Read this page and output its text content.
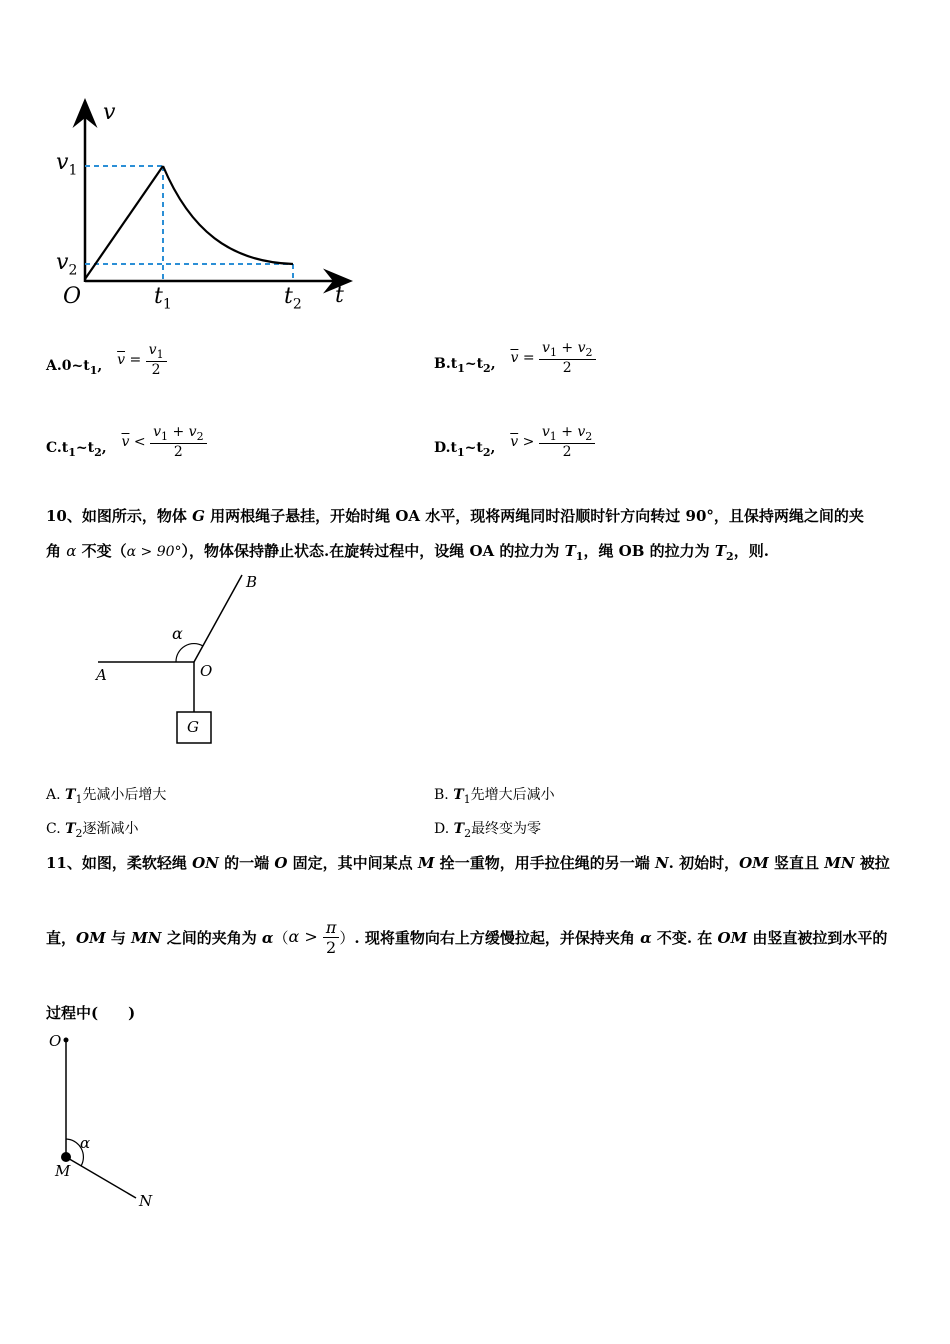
v
t
O
$v_1$
$v_2$
$t_1$	$t_2$
$A.0\sim t_1$, $\overline{v} = \frac{v_1}{2}$	$B.t_1\sim t_2$, $\overline{v} = \frac{v_1 + v_2}{2}$
$C.t_1\sim t_2$, $\overline{v} < \frac{v_1 + v_2}{2}$	$D.t_1\sim t_2$, $\overline{v} > \frac{v_1 + v_2}{2}$
10、如图所示，物体 G 用两根绳子悬挂，开始时绳 OA 水平，现将两绳同时沿顺时针方向转过 90°，且保持两绳之间的夹
角 α 不变（α > 90°），物体保持静止状态.在旋转过程中，设绳 OA 的拉力为 $T_1$，绳 OB 的拉力为 $T_2$，则.
B
α
O
A
G
A. $T_1$先减小后增大	B. $T_1$先增大后减小
C. $T_2$逐渐减小	D. $T_2$最终变为零
11、如图，柔软轻绳 ON 的一端 O 固定，其中间某点 M 拴一重物，用手拉住绳的另一端 N. 初始时，OM 竖直且 MN 被拉
直，OM 与 MN 之间的夹角为 $\alpha(\alpha > \frac{\pi}{2}$ ）. 现将重物向右上方缓慢拉起，并保持夹角 α 不变. 在 OM 由竖直被拉到水平的
过程中(　　)
O
α
M
N
